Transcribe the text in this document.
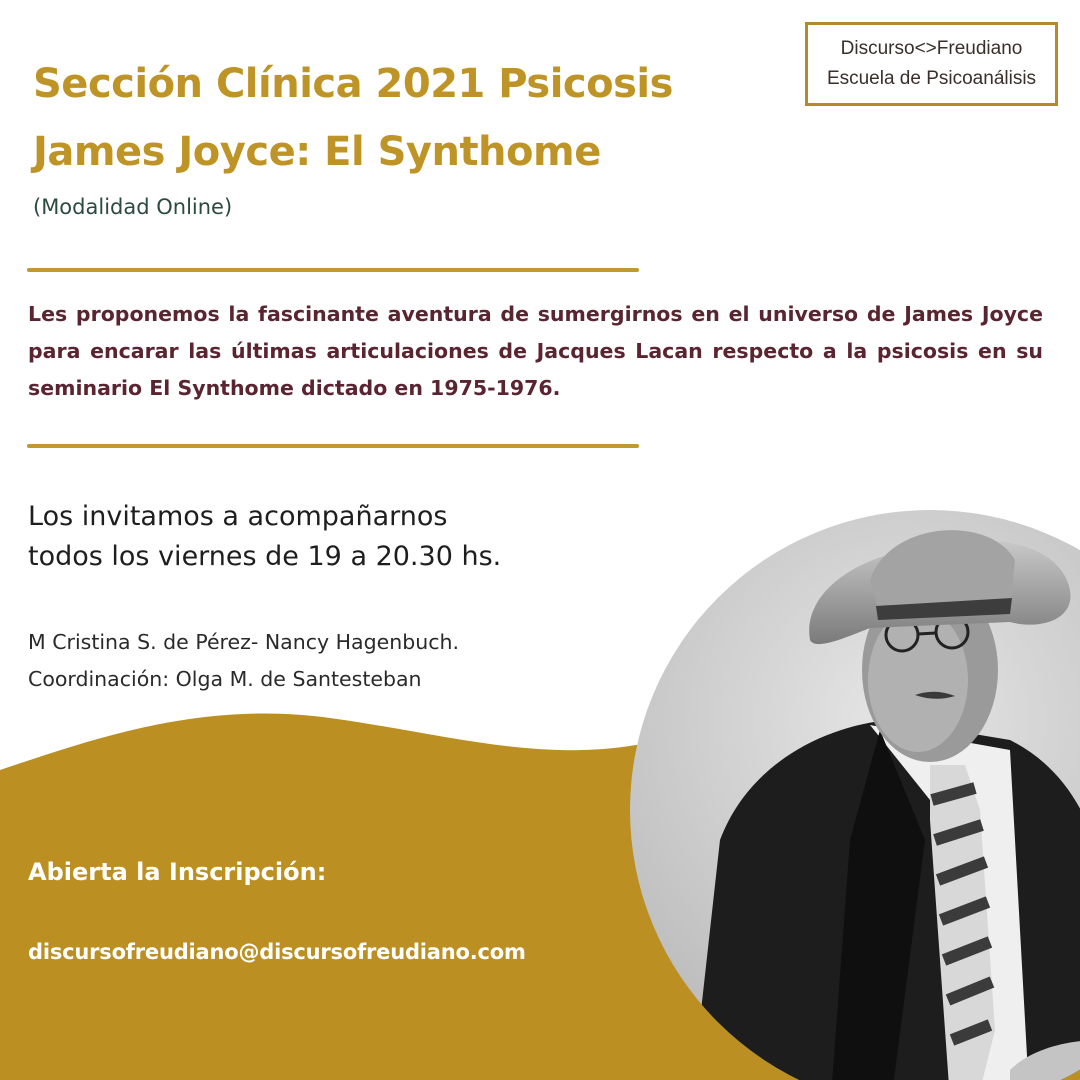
Discurso<>Freudiano
Escuela de Psicoanálisis
Sección Clínica 2021 Psicosis
James Joyce: El Synthome
(Modalidad Online)

Les proponemos la fascinante aventura de sumergirnos en el universo de James Joyce para encarar las últimas articulaciones de Jacques Lacan respecto a la psicosis en su seminario El Synthome dictado en 1975-1976.

Los invitamos a acompañarnos
todos los viernes de 19 a 20.30 hs.
M Cristina S. de Pérez- Nancy Hagenbuch.
Coordinación: Olga M. de Santesteban
Abierta la Inscripción:
discursofreudiano@discursofreudiano.com
